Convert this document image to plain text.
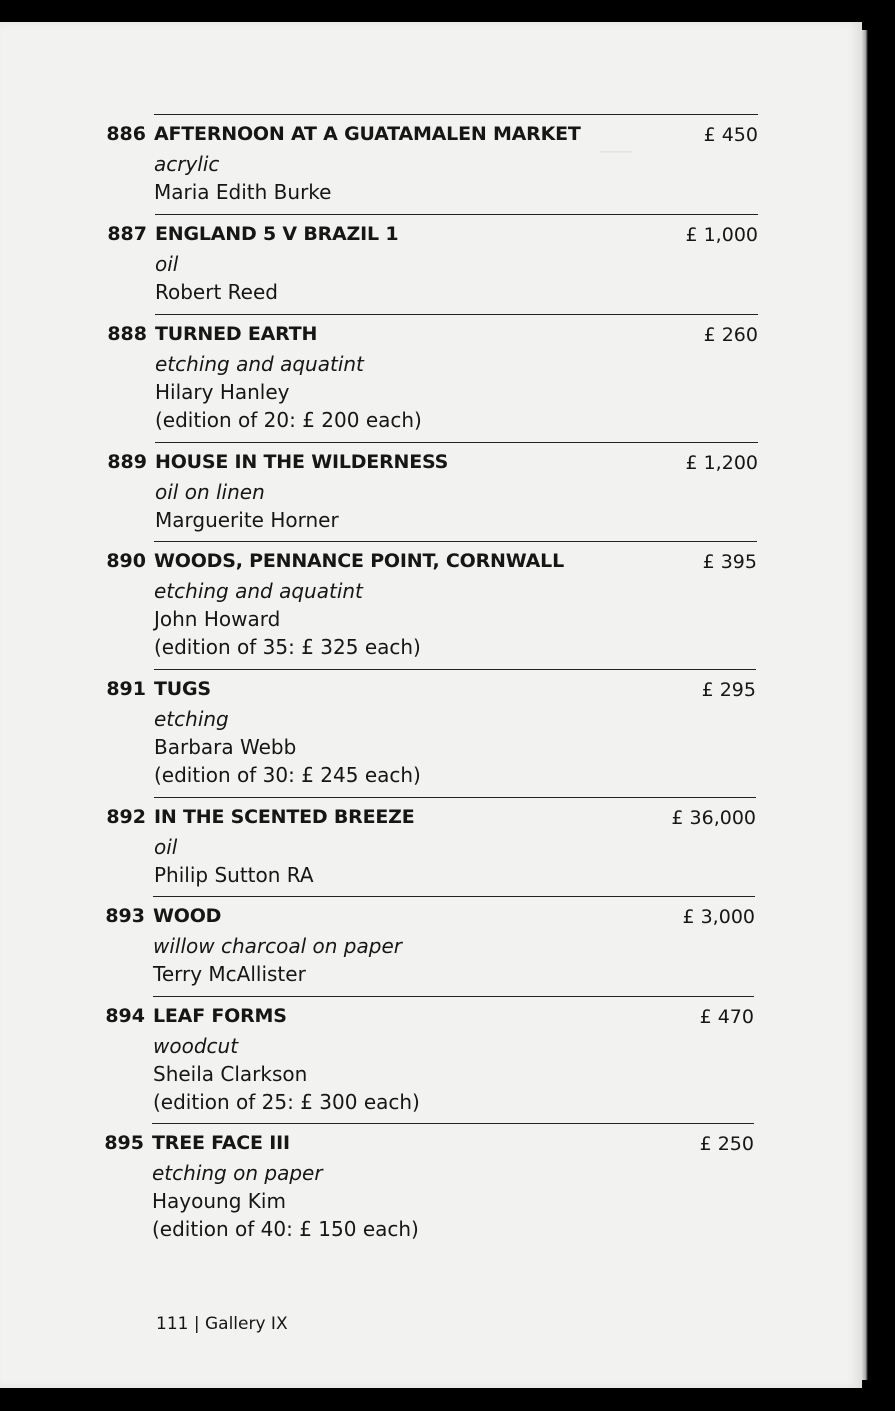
───
886 AFTERNOON AT A GUATAMALEN MARKET
acrylic
Maria Edith Burke
£ 450
887 ENGLAND 5 V BRAZIL 1
oil
Robert Reed
£ 1,000
888 TURNED EARTH
etching and aquatint
Hilary Hanley
(edition of 20: £ 200 each)
£ 260
889 HOUSE IN THE WILDERNESS
oil on linen
Marguerite Horner
£ 1,200
890 WOODS, PENNANCE POINT, CORNWALL
etching and aquatint
John Howard
(edition of 35: £ 325 each)
£ 395
891 TUGS
etching
Barbara Webb
(edition of 30: £ 245 each)
£ 295
892 IN THE SCENTED BREEZE
oil
Philip Sutton RA
£ 36,000
893 WOOD
willow charcoal on paper
Terry McAllister
£ 3,000
894 LEAF FORMS
woodcut
Sheila Clarkson
(edition of 25: £ 300 each)
£ 470
895 TREE FACE III
etching on paper
Hayoung Kim
(edition of 40: £ 150 each)
£ 250
111 | Gallery IX
